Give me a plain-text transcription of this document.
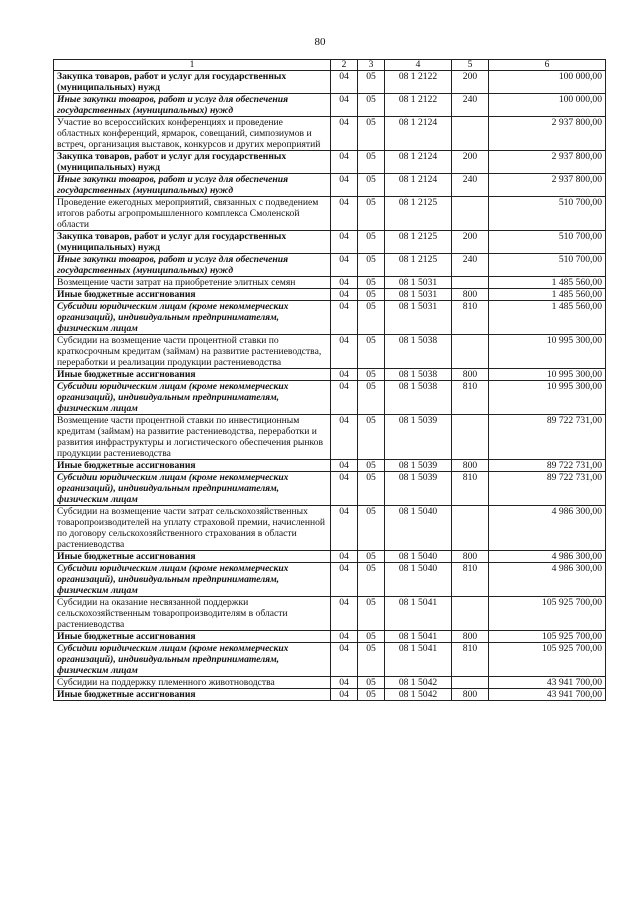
80
1	2	3	4	5	6
Закупка товаров, работ и услуг для государственных (муниципальных) нужд	04	05	08 1 2122	200	100 000,00
Иные закупки товаров, работ и услуг для обеспечения государственных (муниципальных) нужд	04	05	08 1 2122	240	100 000,00
Участие во всероссийских конференциях и проведение областных конференций, ярмарок, совещаний, симпозиумов и встреч, организация выставок, конкурсов и других мероприятий	04	05	08 1 2124		2 937 800,00
Закупка товаров, работ и услуг для государственных (муниципальных) нужд	04	05	08 1 2124	200	2 937 800,00
Иные закупки товаров, работ и услуг для обеспечения государственных (муниципальных) нужд	04	05	08 1 2124	240	2 937 800,00
Проведение ежегодных мероприятий, связанных с подведением итогов работы агропромышленного комплекса Смоленской области	04	05	08 1 2125		510 700,00
Закупка товаров, работ и услуг для государственных (муниципальных) нужд	04	05	08 1 2125	200	510 700,00
Иные закупки товаров, работ и услуг для обеспечения государственных (муниципальных) нужд	04	05	08 1 2125	240	510 700,00
Возмещение части затрат на приобретение элитных семян	04	05	08 1 5031		1 485 560,00
Иные бюджетные ассигнования	04	05	08 1 5031	800	1 485 560,00
Субсидии юридическим лицам (кроме некоммерческих организаций), индивидуальным предпринимателям, физическим лицам	04	05	08 1 5031	810	1 485 560,00
Субсидии на возмещение части процентной ставки по краткосрочным кредитам (займам) на развитие растениеводства, переработки и реализации продукции растениеводства	04	05	08 1 5038		10 995 300,00
Иные бюджетные ассигнования	04	05	08 1 5038	800	10 995 300,00
Субсидии юридическим лицам (кроме некоммерческих организаций), индивидуальным предпринимателям, физическим лицам	04	05	08 1 5038	810	10 995 300,00
Возмещение части процентной ставки по инвестиционным кредитам (займам) на развитие растениеводства, переработки и развития инфраструктуры и логистического обеспечения рынков продукции растениеводства	04	05	08 1 5039		89 722 731,00
Иные бюджетные ассигнования	04	05	08 1 5039	800	89 722 731,00
Субсидии юридическим лицам (кроме некоммерческих организаций), индивидуальным предпринимателям, физическим лицам	04	05	08 1 5039	810	89 722 731,00
Субсидии на возмещение части затрат сельскохозяйственных товаропроизводителей на уплату страховой премии, начисленной по договору сельскохозяйственного страхования в области растениеводства	04	05	08 1 5040		4 986 300,00
Иные бюджетные ассигнования	04	05	08 1 5040	800	4 986 300,00
Субсидии юридическим лицам (кроме некоммерческих организаций), индивидуальным предпринимателям, физическим лицам	04	05	08 1 5040	810	4 986 300,00
Субсидии на оказание несвязанной поддержки сельскохозяйственным товаропроизводителям в области растениеводства	04	05	08 1 5041		105 925 700,00
Иные бюджетные ассигнования	04	05	08 1 5041	800	105 925 700,00
Субсидии юридическим лицам (кроме некоммерческих организаций), индивидуальным предпринимателям, физическим лицам	04	05	08 1 5041	810	105 925 700,00
Субсидии на поддержку племенного животноводства	04	05	08 1 5042		43 941 700,00
Иные бюджетные ассигнования	04	05	08 1 5042	800	43 941 700,00
